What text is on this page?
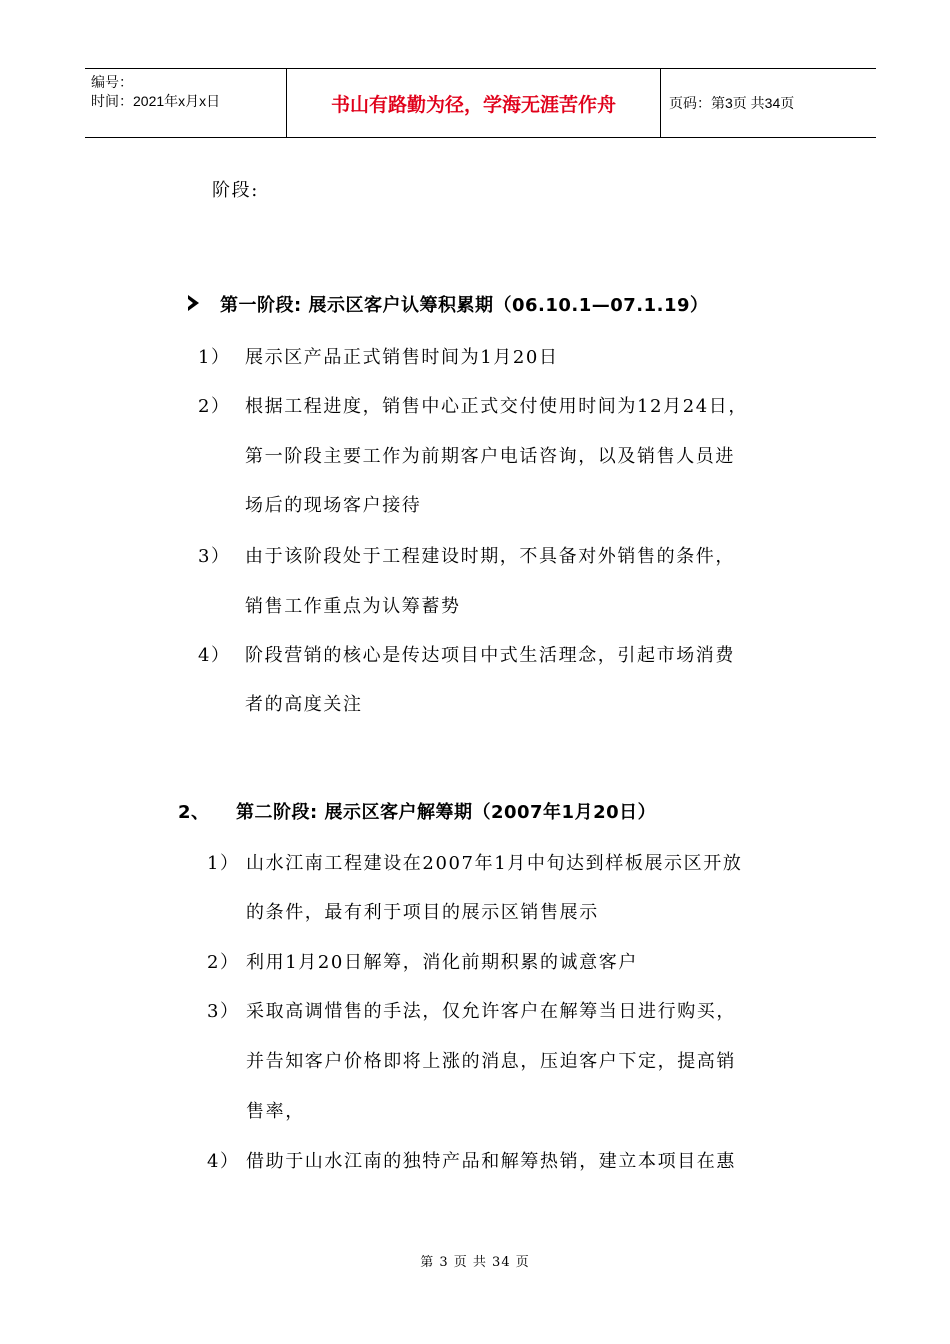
编号：
时间：2021年x月x日	书山有路勤为径，学海无涯苦作舟	页码：第3页 共34页
阶段:
第一阶段: 展示区客户认筹积累期（06.10.1—07.1.19）
1） 展示区产品正式销售时间为1月20日
2） 根据工程进度，销售中心正式交付使用时间为12月24日，
第一阶段主要工作为前期客户电话咨询，以及销售人员进
场后的现场客户接待
3） 由于该阶段处于工程建设时期，不具备对外销售的条件，
销售工作重点为认筹蓄势
4） 阶段营销的核心是传达项目中式生活理念，引起市场消费
者的高度关注
2、 第二阶段: 展示区客户解筹期（2007年1月20日）
1） 山水江南工程建设在2007年1月中旬达到样板展示区开放
的条件，最有利于项目的展示区销售展示
2） 利用1月20日解筹，消化前期积累的诚意客户
3） 采取高调惜售的手法，仅允许客户在解筹当日进行购买，
并告知客户价格即将上涨的消息，压迫客户下定，提高销
售率，
4） 借助于山水江南的独特产品和解筹热销，建立本项目在惠
第 3 页 共 34 页
